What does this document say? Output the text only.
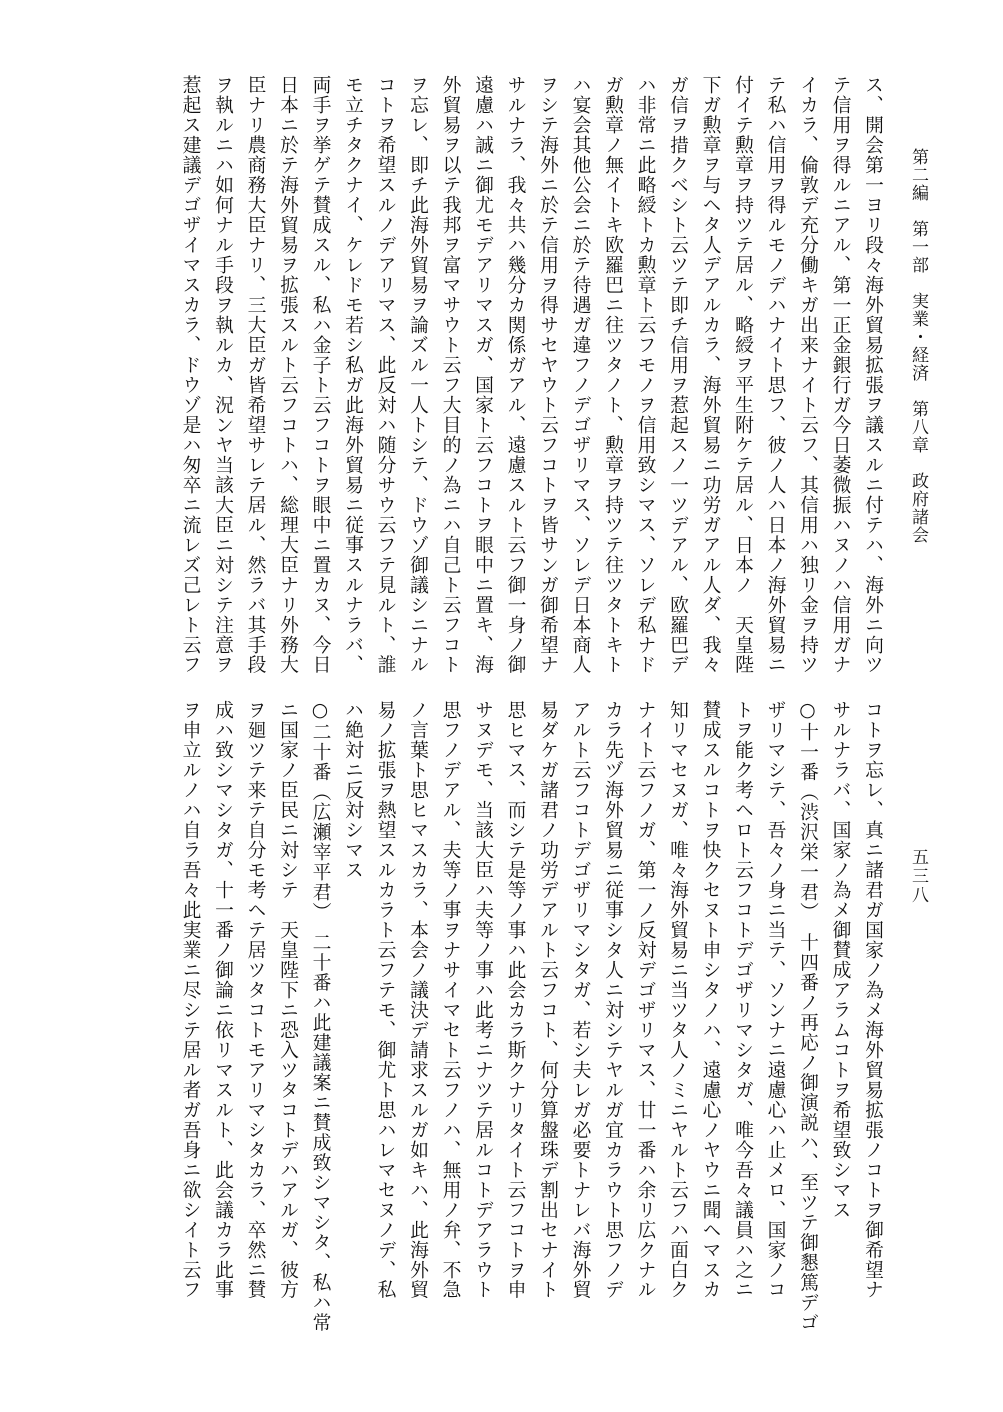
第二編　第一部　実業・経済　第八章　政府諸会
五三八
ス、開会第一ヨリ段々海外貿易拡張ヲ議スルニ付テハ、海外ニ向ツ
テ信用ヲ得ルニアル、第一正金銀行ガ今日萎微振ハヌノハ信用ガナ
イカラ、倫敦デ充分働キガ出来ナイト云フ、其信用ハ独リ金ヲ持ツ
テ私ハ信用ヲ得ルモノデハナイト思フ、彼ノ人ハ日本ノ海外貿易ニ
付イテ勲章ヲ持ツテ居ル、略綬ヲ平生附ケテ居ル、日本ノ　天皇陛
下ガ勲章ヲ与ヘタ人デアルカラ、海外貿易ニ功労ガアル人ダ、我々
ガ信ヲ措クベシト云ツテ即チ信用ヲ惹起スノ一ツデアル、欧羅巴デ
ハ非常ニ此略綬トカ勲章ト云フモノヲ信用致シマス、ソレデ私ナド
ガ勲章ノ無イトキ欧羅巴ニ往ツタノト、勲章ヲ持ツテ往ツタトキト
ハ宴会其他公会ニ於テ待遇ガ違フノデゴザリマス、ソレデ日本商人
ヲシテ海外ニ於テ信用ヲ得サセヤウト云フコトヲ皆サンガ御希望ナ
サルナラ、我々共ハ幾分カ関係ガアル、遠慮スルト云フ御一身ノ御
遠慮ハ誠ニ御尤モデアリマスガ、国家ト云フコトヲ眼中ニ置キ、海
外貿易ヲ以テ我邦ヲ富マサウト云フ大目的ノ為ニハ自己ト云フコト
ヲ忘レ、即チ此海外貿易ヲ論ズル一人トシテ、ドウゾ御議シニナル
コトヲ希望スルノデアリマス、此反対ハ随分サウ云フテ見ルト、誰
モ立チタクナイ、ケレドモ若シ私ガ此海外貿易ニ従事スルナラバ、
両手ヲ挙ゲテ賛成スル、私ハ金子ト云フコトヲ眼中ニ置カヌ、今日
日本ニ於テ海外貿易ヲ拡張スルト云フコトハ、総理大臣ナリ外務大
臣ナリ農商務大臣ナリ、三大臣ガ皆希望サレテ居ル、然ラバ其手段
ヲ執ルニハ如何ナル手段ヲ執ルカ、況ンヤ当該大臣ニ対シテ注意ヲ
惹起ス建議デゴザイマスカラ、ドウゾ是ハ匆卒ニ流レズ己レト云フ
コトヲ忘レ、真ニ諸君ガ国家ノ為メ海外貿易拡張ノコトヲ御希望ナ
サルナラバ、国家ノ為メ御賛成アラムコトヲ希望致シマス
○十一番（渋沢栄一君）　十四番ノ再応ノ御演説ハ、至ツテ御懇篤デゴ
ザリマシテ、吾々ノ身ニ当テ、ソンナニ遠慮心ハ止メロ、国家ノコ
トヲ能ク考ヘロト云フコトデゴザリマシタガ、唯今吾々議員ハ之ニ
賛成スルコトヲ快クセヌト申シタノハ、遠慮心ノヤウニ聞ヘマスカ
知リマセヌガ、唯々海外貿易ニ当ツタ人ノミニヤルト云フハ面白ク
ナイト云フノガ、第一ノ反対デゴザリマス、廿一番ハ余リ広クナル
カラ先ヅ海外貿易ニ従事シタ人ニ対シテヤルガ宜カラウト思フノデ
アルト云フコトデゴザリマシタガ、若シ夫レガ必要トナレバ海外貿
易ダケガ諸君ノ功労デアルト云フコト、何分算盤珠デ割出セナイト
思ヒマス、而シテ是等ノ事ハ此会カラ斯クナリタイト云フコトヲ申
サヌデモ、当該大臣ハ夫等ノ事ハ此考ニナツテ居ルコトデアラウト
思フノデアル、夫等ノ事ヲナサイマセト云フノハ、無用ノ弁、不急
ノ言葉ト思ヒマスカラ、本会ノ議決デ請求スルガ如キハ、此海外貿
易ノ拡張ヲ熱望スルカラト云フテモ、御尤ト思ハレマセヌノデ、私
ハ絶対ニ反対シマス
○二十番（広瀬宰平君）　二十番ハ此建議案ニ賛成致シマシタ、私ハ常
ニ国家ノ臣民ニ対シテ　天皇陛下ニ恐入ツタコトデハアルガ、彼方
ヲ廻ツテ来テ自分モ考ヘテ居ツタコトモアリマシタカラ、卒然ニ賛
成ハ致シマシタガ、十一番ノ御論ニ依リマスルト、此会議カラ此事
ヲ申立ルノハ自ラ吾々此実業ニ尽シテ居ル者ガ吾身ニ欲シイト云フ
